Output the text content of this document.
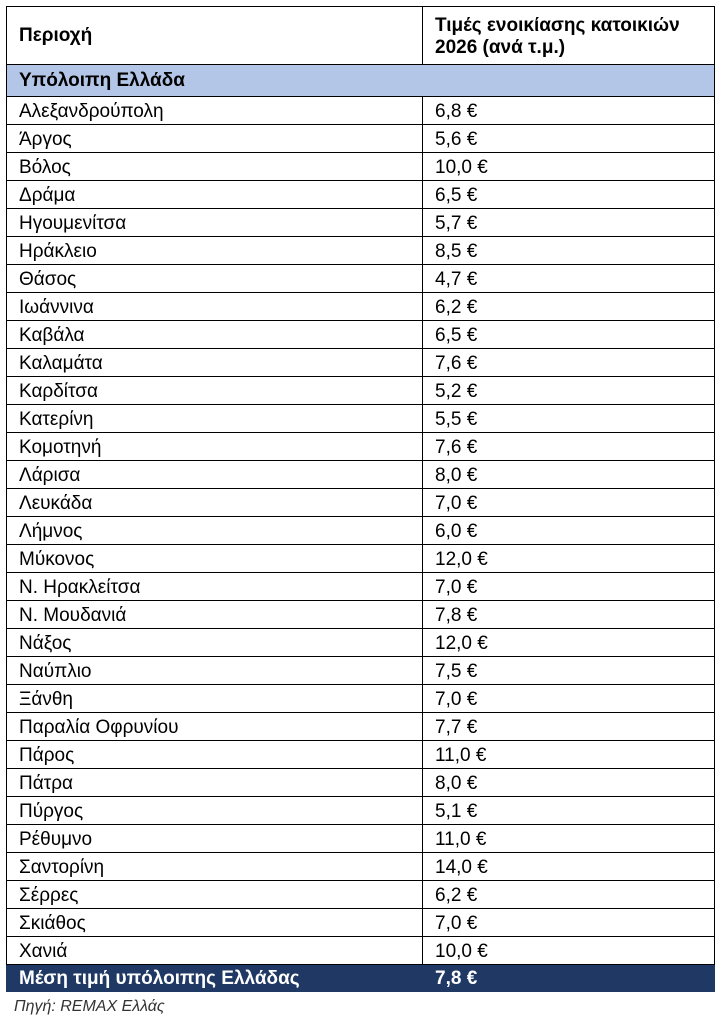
Περιοχή	Τιμές ενοικίασης κατοικιών 2026 (ανά τ.μ.)
Υπόλοιπη Ελλάδα	
Αλεξανδρούπολη	6,8 €
Άργος	5,6 €
Βόλος	10,0 €
Δράμα	6,5 €
Ηγουμενίτσα	5,7 €
Ηράκλειο	8,5 €
Θάσος	4,7 €
Ιωάννινα	6,2 €
Καβάλα	6,5 €
Καλαμάτα	7,6 €
Καρδίτσα	5,2 €
Κατερίνη	5,5 €
Κομοτηνή	7,6 €
Λάρισα	8,0 €
Λευκάδα	7,0 €
Λήμνος	6,0 €
Μύκονος	12,0 €
Ν. Ηρακλείτσα	7,0 €
Ν. Μουδανιά	7,8 €
Νάξος	12,0 €
Ναύπλιο	7,5 €
Ξάνθη	7,0 €
Παραλία Οφρυνίου	7,7 €
Πάρος	11,0 €
Πάτρα	8,0 €
Πύργος	5,1 €
Ρέθυμνο	11,0 €
Σαντορίνη	14,0 €
Σέρρες	6,2 €
Σκιάθος	7,0 €
Χανιά	10,0 €
Μέση τιμή υπόλοιπης Ελλάδας	7,8 €
Πηγή: REMAX Ελλάς
